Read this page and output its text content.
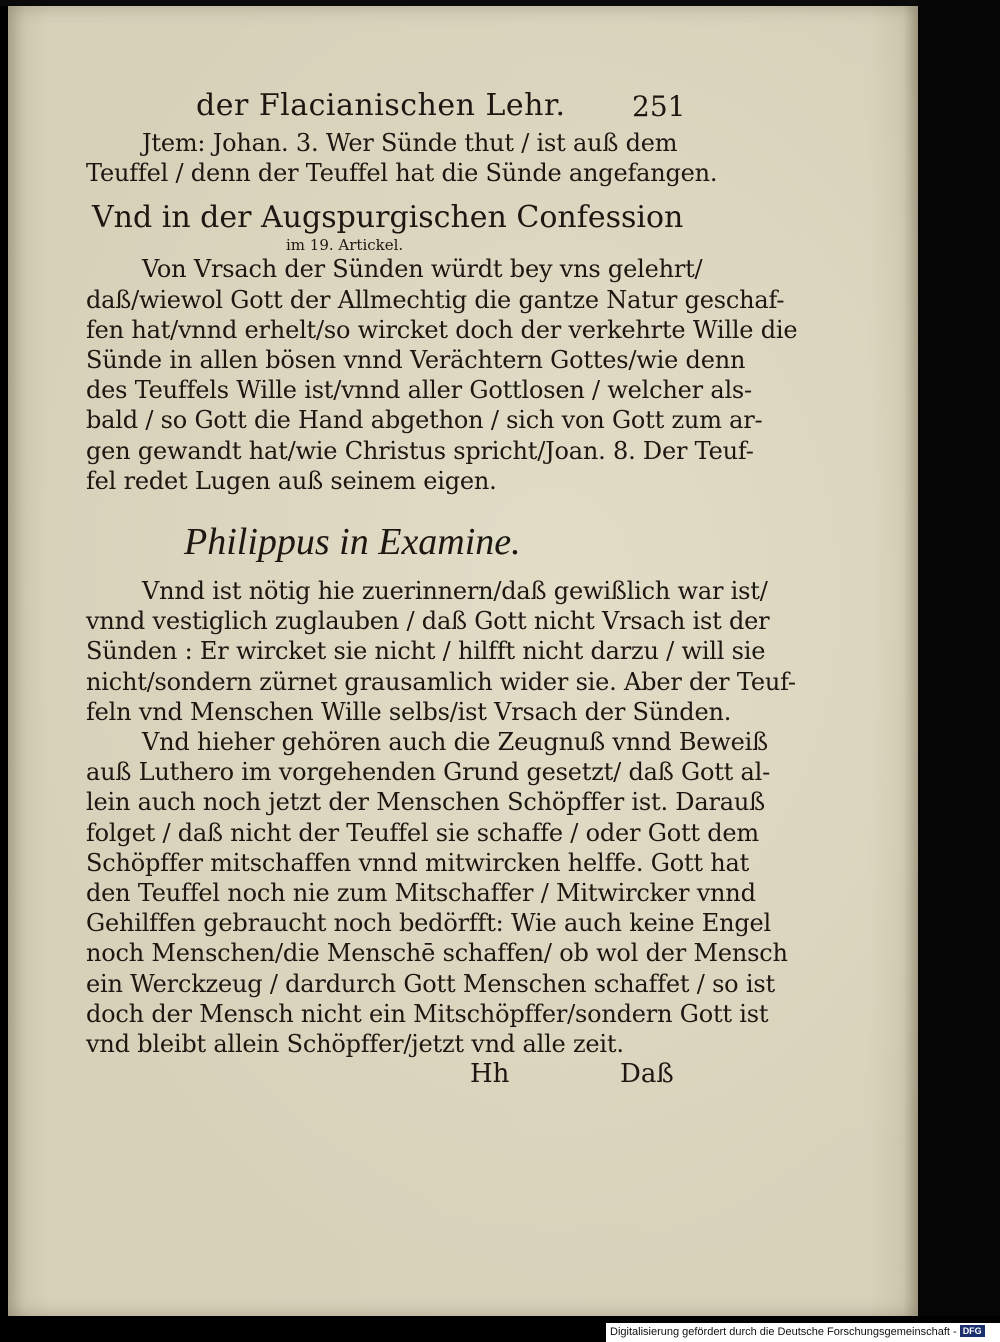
der Flacianischen Lehr. 251
Jtem: Johan. 3. Wer Sünde thut / ist auß dem
Teuffel / denn der Teuffel hat die Sünde angefangen.
Vnd in der Augspurgischen Confession
im 19. Artickel.
Von Vrsach der Sünden würdt bey vns gelehrt/
daß/wiewol Gott der Allmechtig die gantze Natur geschaf-
fen hat/vnnd erhelt/so wircket doch der verkehrte Wille die
Sünde in allen bösen vnnd Verächtern Gottes/wie denn
des Teuffels Wille ist/vnnd aller Gottlosen / welcher als-
bald / so Gott die Hand abgethon / sich von Gott zum ar-
gen gewandt hat/wie Christus spricht/Joan. 8. Der Teuf-
fel redet Lugen auß seinem eigen.
Philippus in Examine.
Vnnd ist nötig hie zuerinnern/daß gewißlich war ist/
vnnd vestiglich zuglauben / daß Gott nicht Vrsach ist der
Sünden : Er wircket sie nicht / hilfft nicht darzu / will sie
nicht/sondern zürnet grausamlich wider sie. Aber der Teuf-
feln vnd Menschen Wille selbs/ist Vrsach der Sünden.
Vnd hieher gehören auch die Zeugnuß vnnd Beweiß
auß Luthero im vorgehenden Grund gesetzt/ daß Gott al-
lein auch noch jetzt der Menschen Schöpffer ist. Darauß
folget / daß nicht der Teuffel sie schaffe / oder Gott dem
Schöpffer mitschaffen vnnd mitwircken helffe. Gott hat
den Teuffel noch nie zum Mitschaffer / Mitwircker vnnd
Gehilffen gebraucht noch bedörfft: Wie auch keine Engel
noch Menschen/die Menschē schaffen/ ob wol der Mensch
ein Werckzeug / dardurch Gott Menschen schaffet / so ist
doch der Mensch nicht ein Mitschöpffer/sondern Gott ist
vnd bleibt allein Schöpffer/jetzt vnd alle zeit.
Hh	Daß
Digitalisierung gefördert durch die Deutsche Forschungsgemeinschaft - DFG
